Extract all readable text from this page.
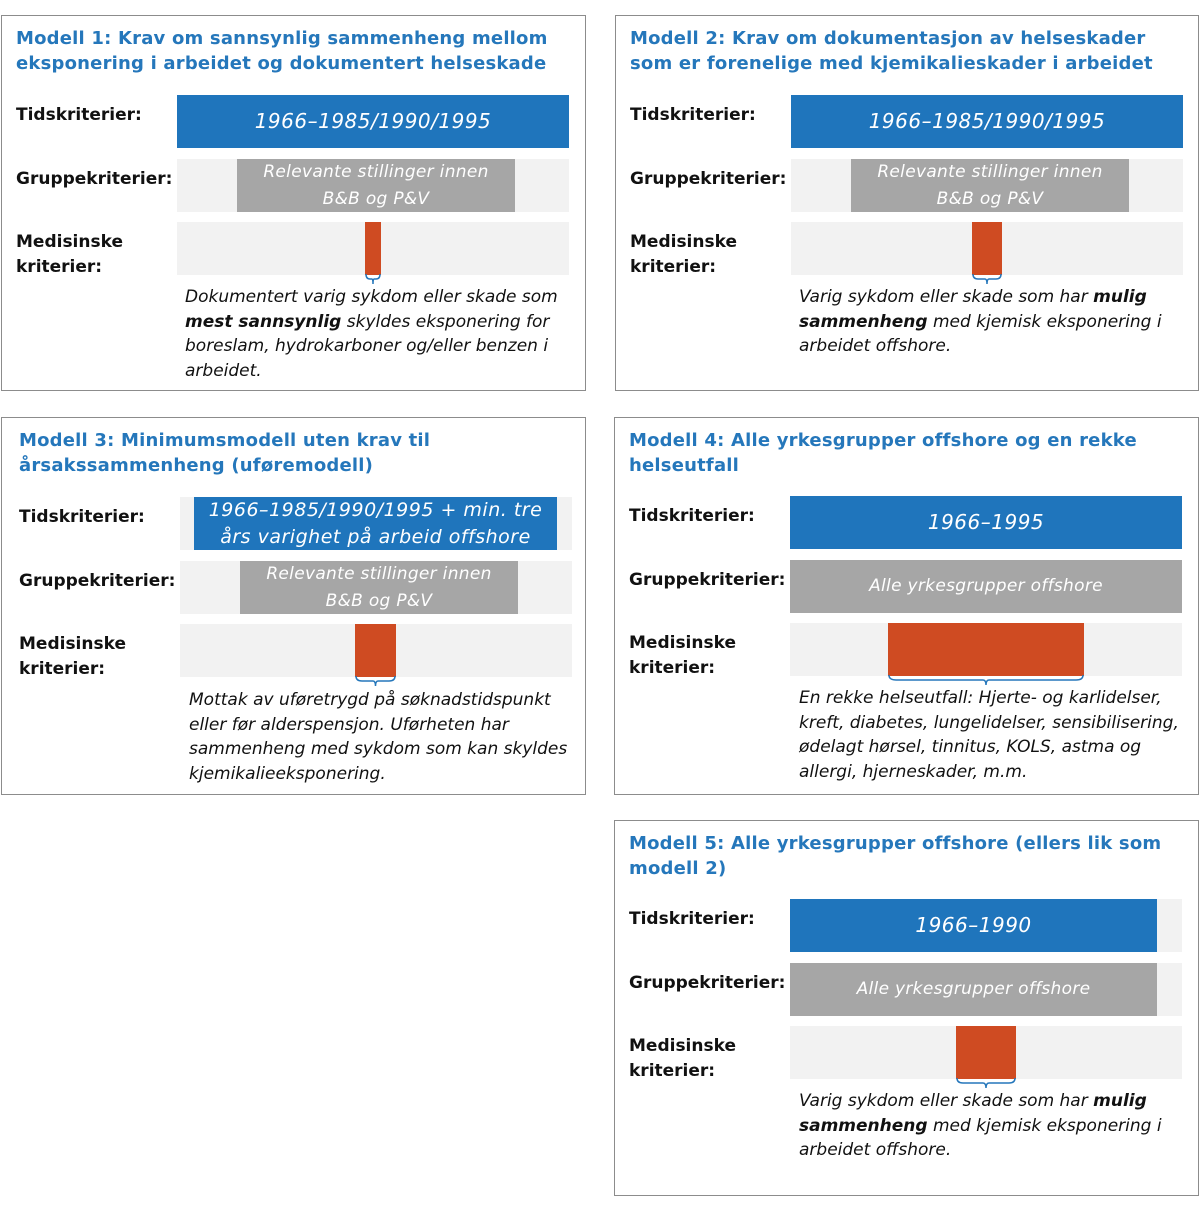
Modell 1: Krav om sannsynlig sammenheng mellom eksponering i arbeidet og dokumentert helseskade
Tidskriterier:	1966–1985/1990/1995
Gruppekriterier:	Relevante stillinger innen B&B og P&V
Medisinske
kriterier:
Dokumentert varig sykdom eller skade som mest sannsynlig skyldes eksponering for boreslam, hydrokarboner og/eller benzen i arbeidet.
Modell 2: Krav om dokumentasjon av helseskader som er forenelige med kjemikalieskader i arbeidet
Tidskriterier:	1966–1985/1990/1995
Gruppekriterier:	Relevante stillinger innen B&B og P&V
Medisinske
kriterier:
Varig sykdom eller skade som har mulig sammenheng med kjemisk eksponering i arbeidet offshore.
Modell 3: Minimumsmodell uten krav til årsakssammenheng (uføremodell)
Tidskriterier:	1966–1985/1990/1995 + min. tre års varighet på arbeid offshore
Gruppekriterier:	Relevante stillinger innen B&B og P&V
Medisinske
kriterier:
Mottak av uføretrygd på søknadstidspunkt eller før alderspensjon. Uførheten har sammenheng med sykdom som kan skyldes kjemikalieeksponering.
Modell 4: Alle yrkesgrupper offshore og en rekke helseutfall
Tidskriterier:	1966–1995
Gruppekriterier:	Alle yrkesgrupper offshore
Medisinske
kriterier:
En rekke helseutfall: Hjerte- og karlidelser, kreft, diabetes, lungelidelser, sensibilisering, ødelagt hørsel, tinnitus, KOLS, astma og allergi, hjerneskader, m.m.
Modell 5: Alle yrkesgrupper offshore (ellers lik som modell 2)
Tidskriterier:	1966–1990
Gruppekriterier:	Alle yrkesgrupper offshore
Medisinske
kriterier:
Varig sykdom eller skade som har mulig sammenheng med kjemisk eksponering i arbeidet offshore.
